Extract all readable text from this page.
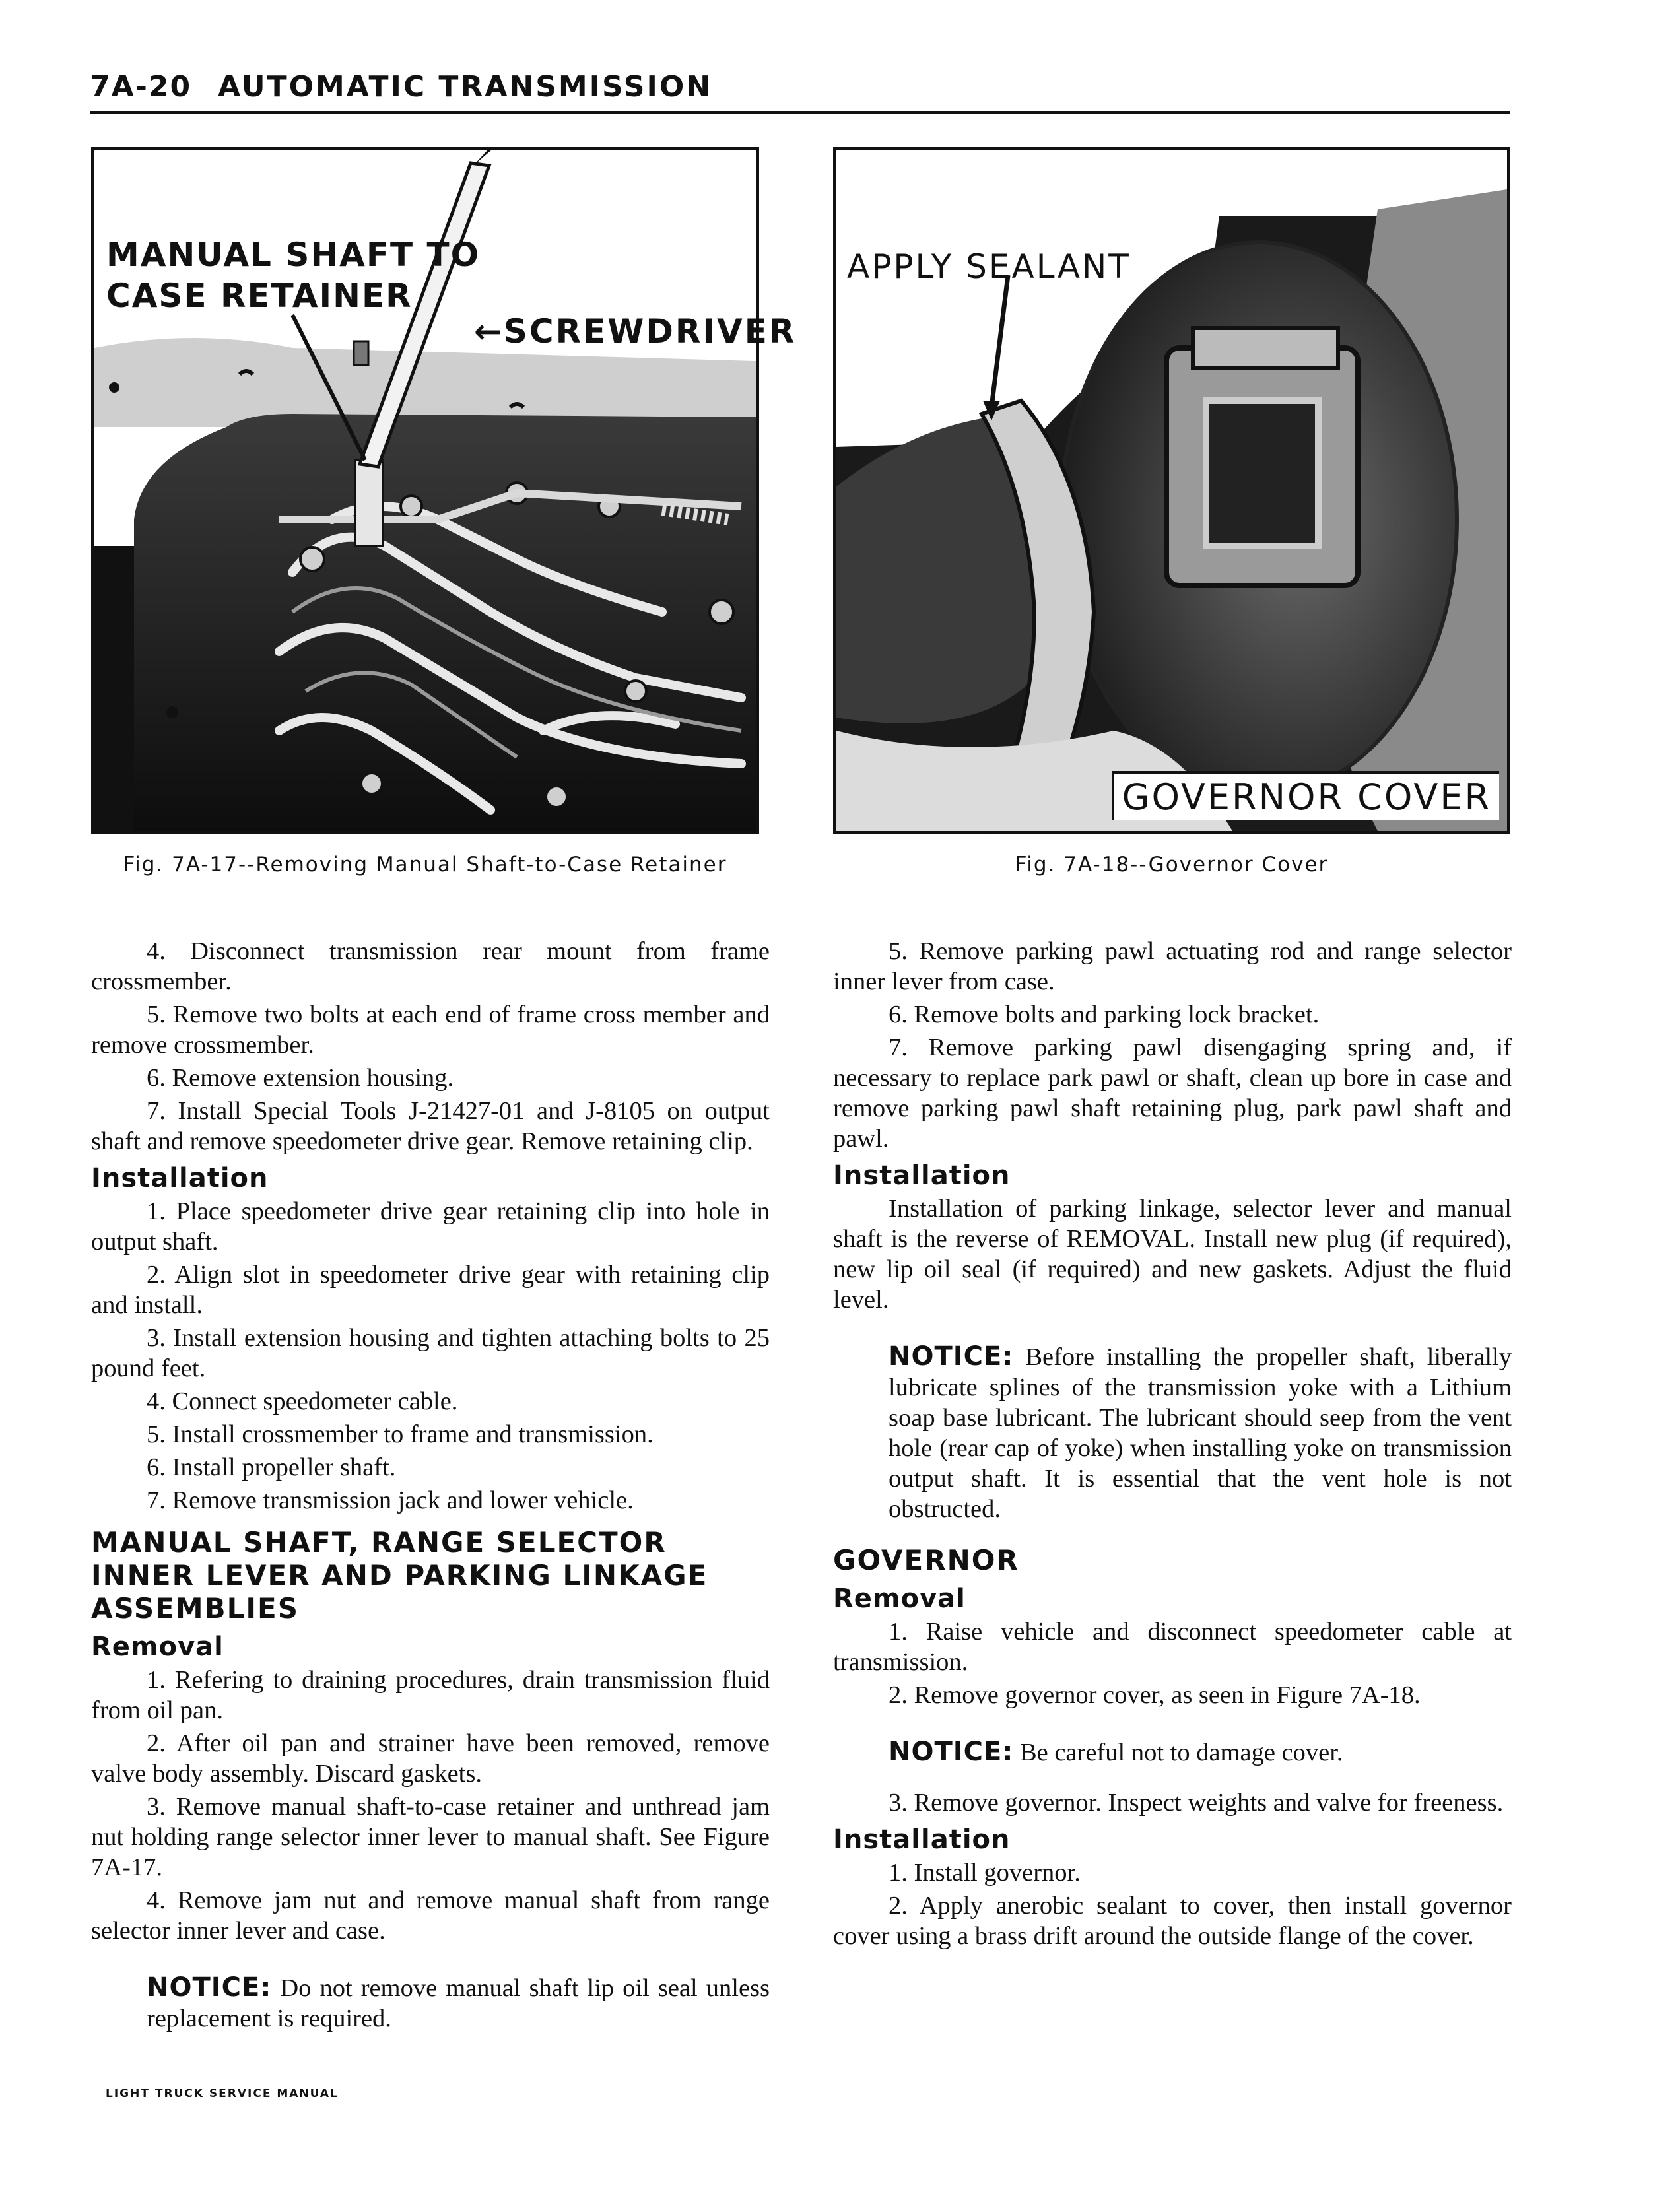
7A-20 AUTOMATIC TRANSMISSION
MANUAL SHAFT TO
CASE RETAINER
←SCREWDRIVER
Fig. 7A-17--Removing Manual Shaft-to-Case Retainer
APPLY SEALANT
GOVERNOR COVER
Fig. 7A-18--Governor Cover

4. Disconnect transmission rear mount from frame crossmember.

5. Remove two bolts at each end of frame cross member and remove crossmember.

6. Remove extension housing.

7. Install Special Tools J-21427-01 and J-8105 on output shaft and remove speedometer drive gear. Remove retaining clip.

Installation

1. Place speedometer drive gear retaining clip into hole in output shaft.

2. Align slot in speedometer drive gear with retaining clip and install.

3. Install extension housing and tighten attaching bolts to 25 pound feet.

4. Connect speedometer cable.

5. Install crossmember to frame and transmission.

6. Install propeller shaft.

7. Remove transmission jack and lower vehicle.

MANUAL SHAFT, RANGE SELECTOR INNER LEVER AND PARKING LINKAGE ASSEMBLIES
Removal

1. Refering to draining procedures, drain transmission fluid from oil pan.

2. After oil pan and strainer have been removed, remove valve body assembly. Discard gaskets.

3. Remove manual shaft-to-case retainer and unthread jam nut holding range selector inner lever to manual shaft. See Figure 7A-17.

4. Remove jam nut and remove manual shaft from range selector inner lever and case.

NOTICE: Do not remove manual shaft lip oil seal unless replacement is required.

5. Remove parking pawl actuating rod and range selector inner lever from case.

6. Remove bolts and parking lock bracket.

7. Remove parking pawl disengaging spring and, if necessary to replace park pawl or shaft, clean up bore in case and remove parking pawl shaft retaining plug, park pawl shaft and pawl.

Installation

Installation of parking linkage, selector lever and manual shaft is the reverse of REMOVAL. Install new plug (if required), new lip oil seal (if required) and new gaskets. Adjust the fluid level.

NOTICE: Before installing the propeller shaft, liberally lubricate splines of the transmission yoke with a Lithium soap base lubricant. The lubricant should seep from the vent hole (rear cap of yoke) when installing yoke on transmission output shaft. It is essential that the vent hole is not obstructed.

GOVERNOR
Removal

1. Raise vehicle and disconnect speedometer cable at transmission.

2. Remove governor cover, as seen in Figure 7A-18.

NOTICE: Be careful not to damage cover.

3. Remove governor. Inspect weights and valve for freeness.

Installation

1. Install governor.

2. Apply anerobic sealant to cover, then install governor cover using a brass drift around the outside flange of the cover.

LIGHT TRUCK SERVICE MANUAL
